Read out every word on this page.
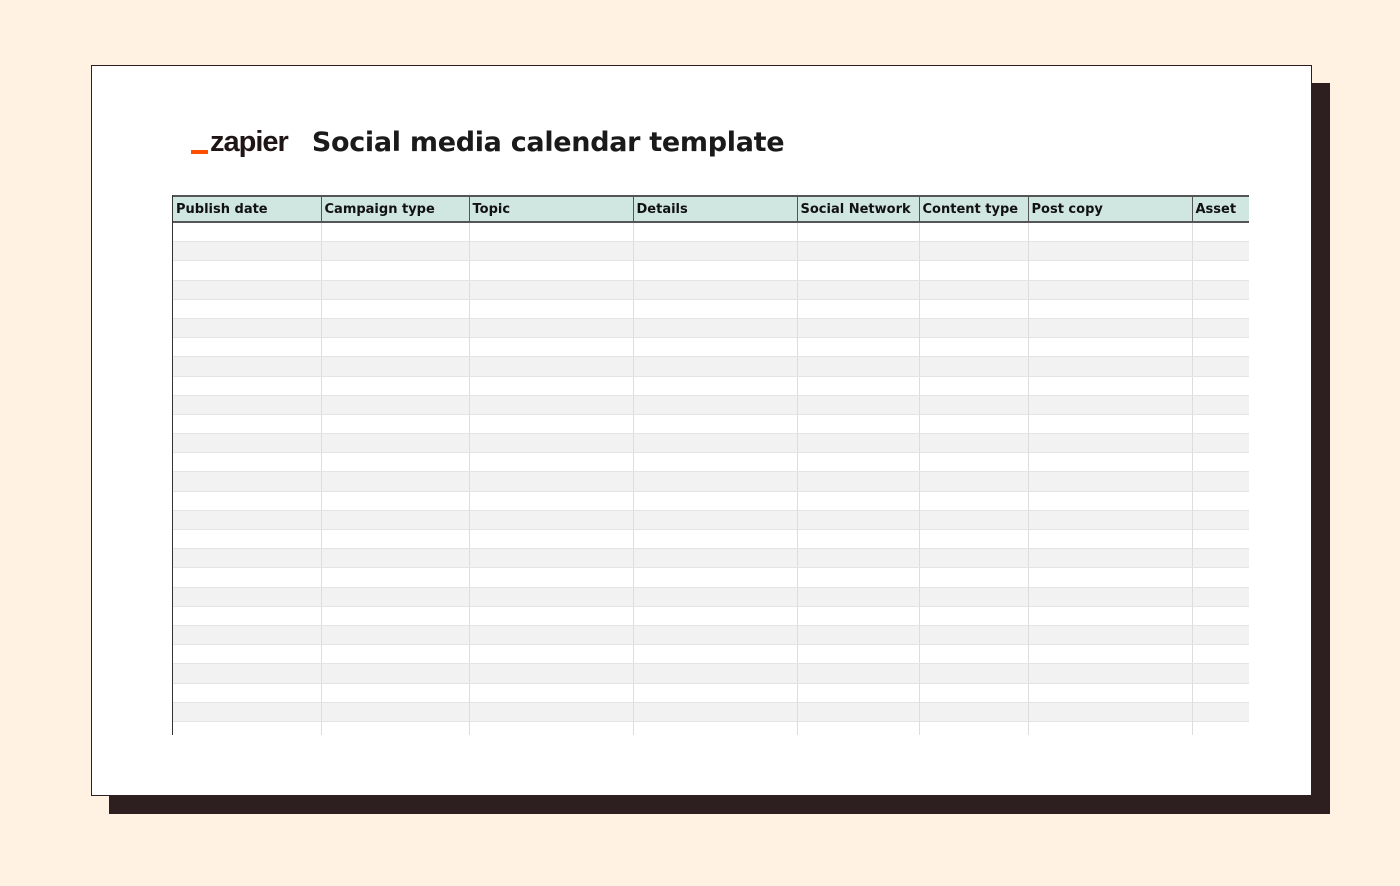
zapier Social media calendar template
Publish date	Campaign type	Topic	Details	Social Network	Content type	Post copy	Asset
